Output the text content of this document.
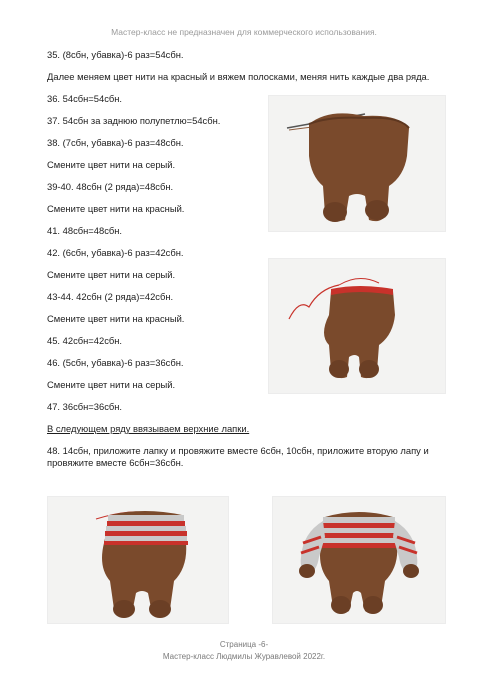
Мастер-класс не предназначен для коммерческого использования.
35. (8сбн, убавка)-6 раз=54сбн.
Далее меняем цвет нити на красный и вяжем полосками, меняя нить каждые два ряда.
36. 54сбн=54сбн.
37. 54сбн за заднюю полупетлю=54сбн.
38. (7сбн, убавка)-6 раз=48сбн.
Смените цвет нити на серый.
39-40. 48сбн (2 ряда)=48сбн.
Смените цвет нити на красный.
41. 48сбн=48сбн.
42. (6сбн, убавка)-6 раз=42сбн.
Смените цвет нити на серый.
43-44. 42сбн (2 ряда)=42сбн.
Смените цвет нити на красный.
45. 42сбн=42сбн.
46. (5сбн, убавка)-6 раз=36сбн.
Смените цвет нити на серый.
47. 36сбн=36сбн.
В следующем ряду ввязываем верхние лапки.
48. 14сбн, приложите лапку и провяжите вместе 6сбн, 10сбн, приложите вторую лапу и провяжите вместе 6сбн=36сбн.
Страница -6-
Мастер-класс Людмилы Журавлевой 2022г.
